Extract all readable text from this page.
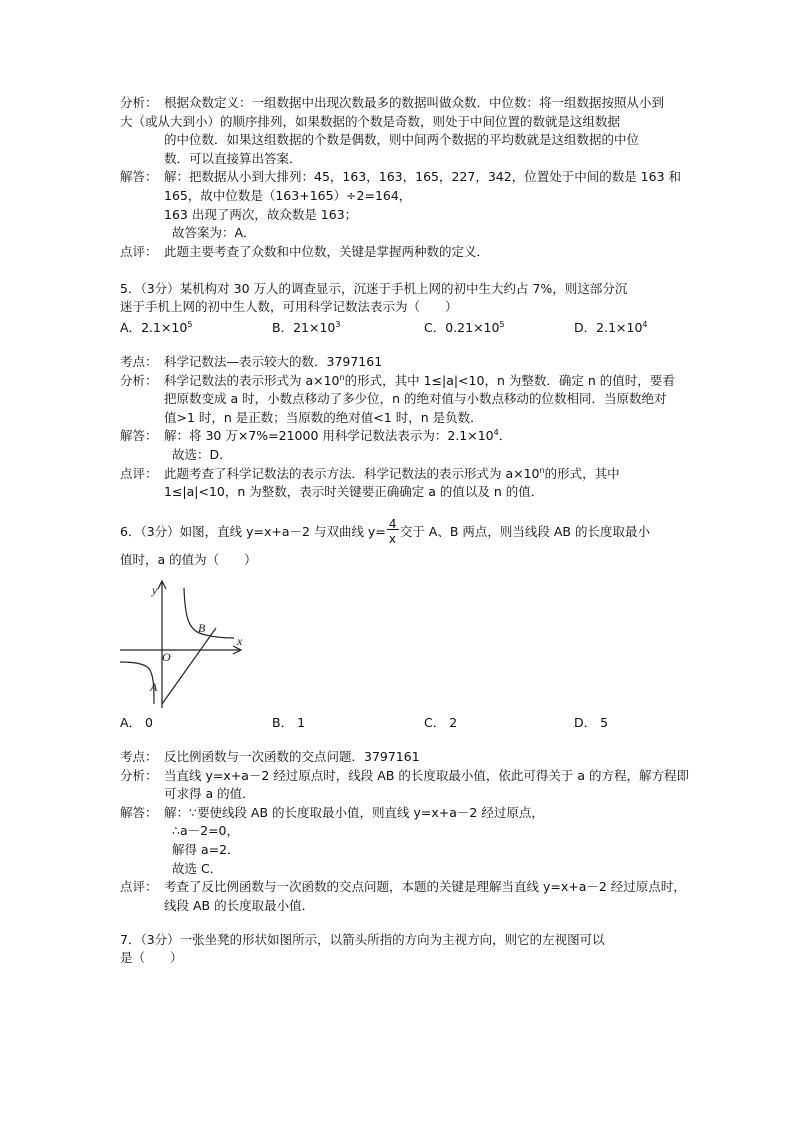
分析： 根据众数定义：一组数据中出现次数最多的数据叫做众数．中位数：将一组数据按照从小到
大（或从大到小）的顺序排列，如果数据的个数是奇数，则处于中间位置的数就是这组数据
的中位数．如果这组数据的个数是偶数，则中间两个数据的平均数就是这组数据的中位
数．可以直接算出答案．
解答： 解：把数据从小到大排列：45，163，163，165，227，342，位置处于中间的数是 163 和
165，故中位数是（163+165）÷2=164，
163 出现了两次，故众数是 163；
故答案为：A．
点评： 此题主要考查了众数和中位数，关键是掌握两种数的定义．
5．（3分）某机构对 30 万人的调查显示，沉迷于手机上网的初中生大约占 7%，则这部分沉
迷于手机上网的初中生人数，可用科学记数法表示为（　　）
A．$2.1\times 10^5$	B．$21\times 10^3$	C．$0.21\times 10^5$	D．$2.1\times 10^4$
考点： 科学记数法—表示较大的数．3797161
分析： 科学记数法的表示形式为 $a\times 10^n$的形式，其中 1≤|a|<10，n 为整数．确定 n 的值时，要看
把原数变成 a 时，小数点移动了多少位，n 的绝对值与小数点移动的位数相同．当原数绝对
值>1 时，n 是正数；当原数的绝对值<1 时，n 是负数．
解答： 解：将 30 万×7%=21000 用科学记数法表示为：$2.1\times 10^4$．
故选：D．
点评： 此题考查了科学记数法的表示方法．科学记数法的表示形式为 $a\times 10^n$的形式，其中
1≤|a|<10，n 为整数，表示时关键要正确确定 a 的值以及 n 的值．
6．（3分）如图，直线 y=x+a－2 与双曲线 $y= \frac{4}{x}$ 交于 A、B 两点，则当线段 AB 的长度取最小
值时，a 的值为（　　）
y
x
O
B
A
A． 0	B． 1	C． 2	D． 5
考点： 反比例函数与一次函数的交点问题．3797161
分析： 当直线 y=x+a－2 经过原点时，线段 AB 的长度取最小值，依此可得关于 a 的方程，解方程即
可求得 a 的值．
解答： 解：∵要使线段 AB 的长度取最小值，则直线 y=x+a－2 经过原点，
∴a－2=0，
解得 a=2．
故选 C．
点评： 考查了反比例函数与一次函数的交点问题，本题的关键是理解当直线 y=x+a－2 经过原点时，
线段 AB 的长度取最小值．
7．（3分）一张坐凳的形状如图所示，以箭头所指的方向为主视方向，则它的左视图可以
是（　　）
